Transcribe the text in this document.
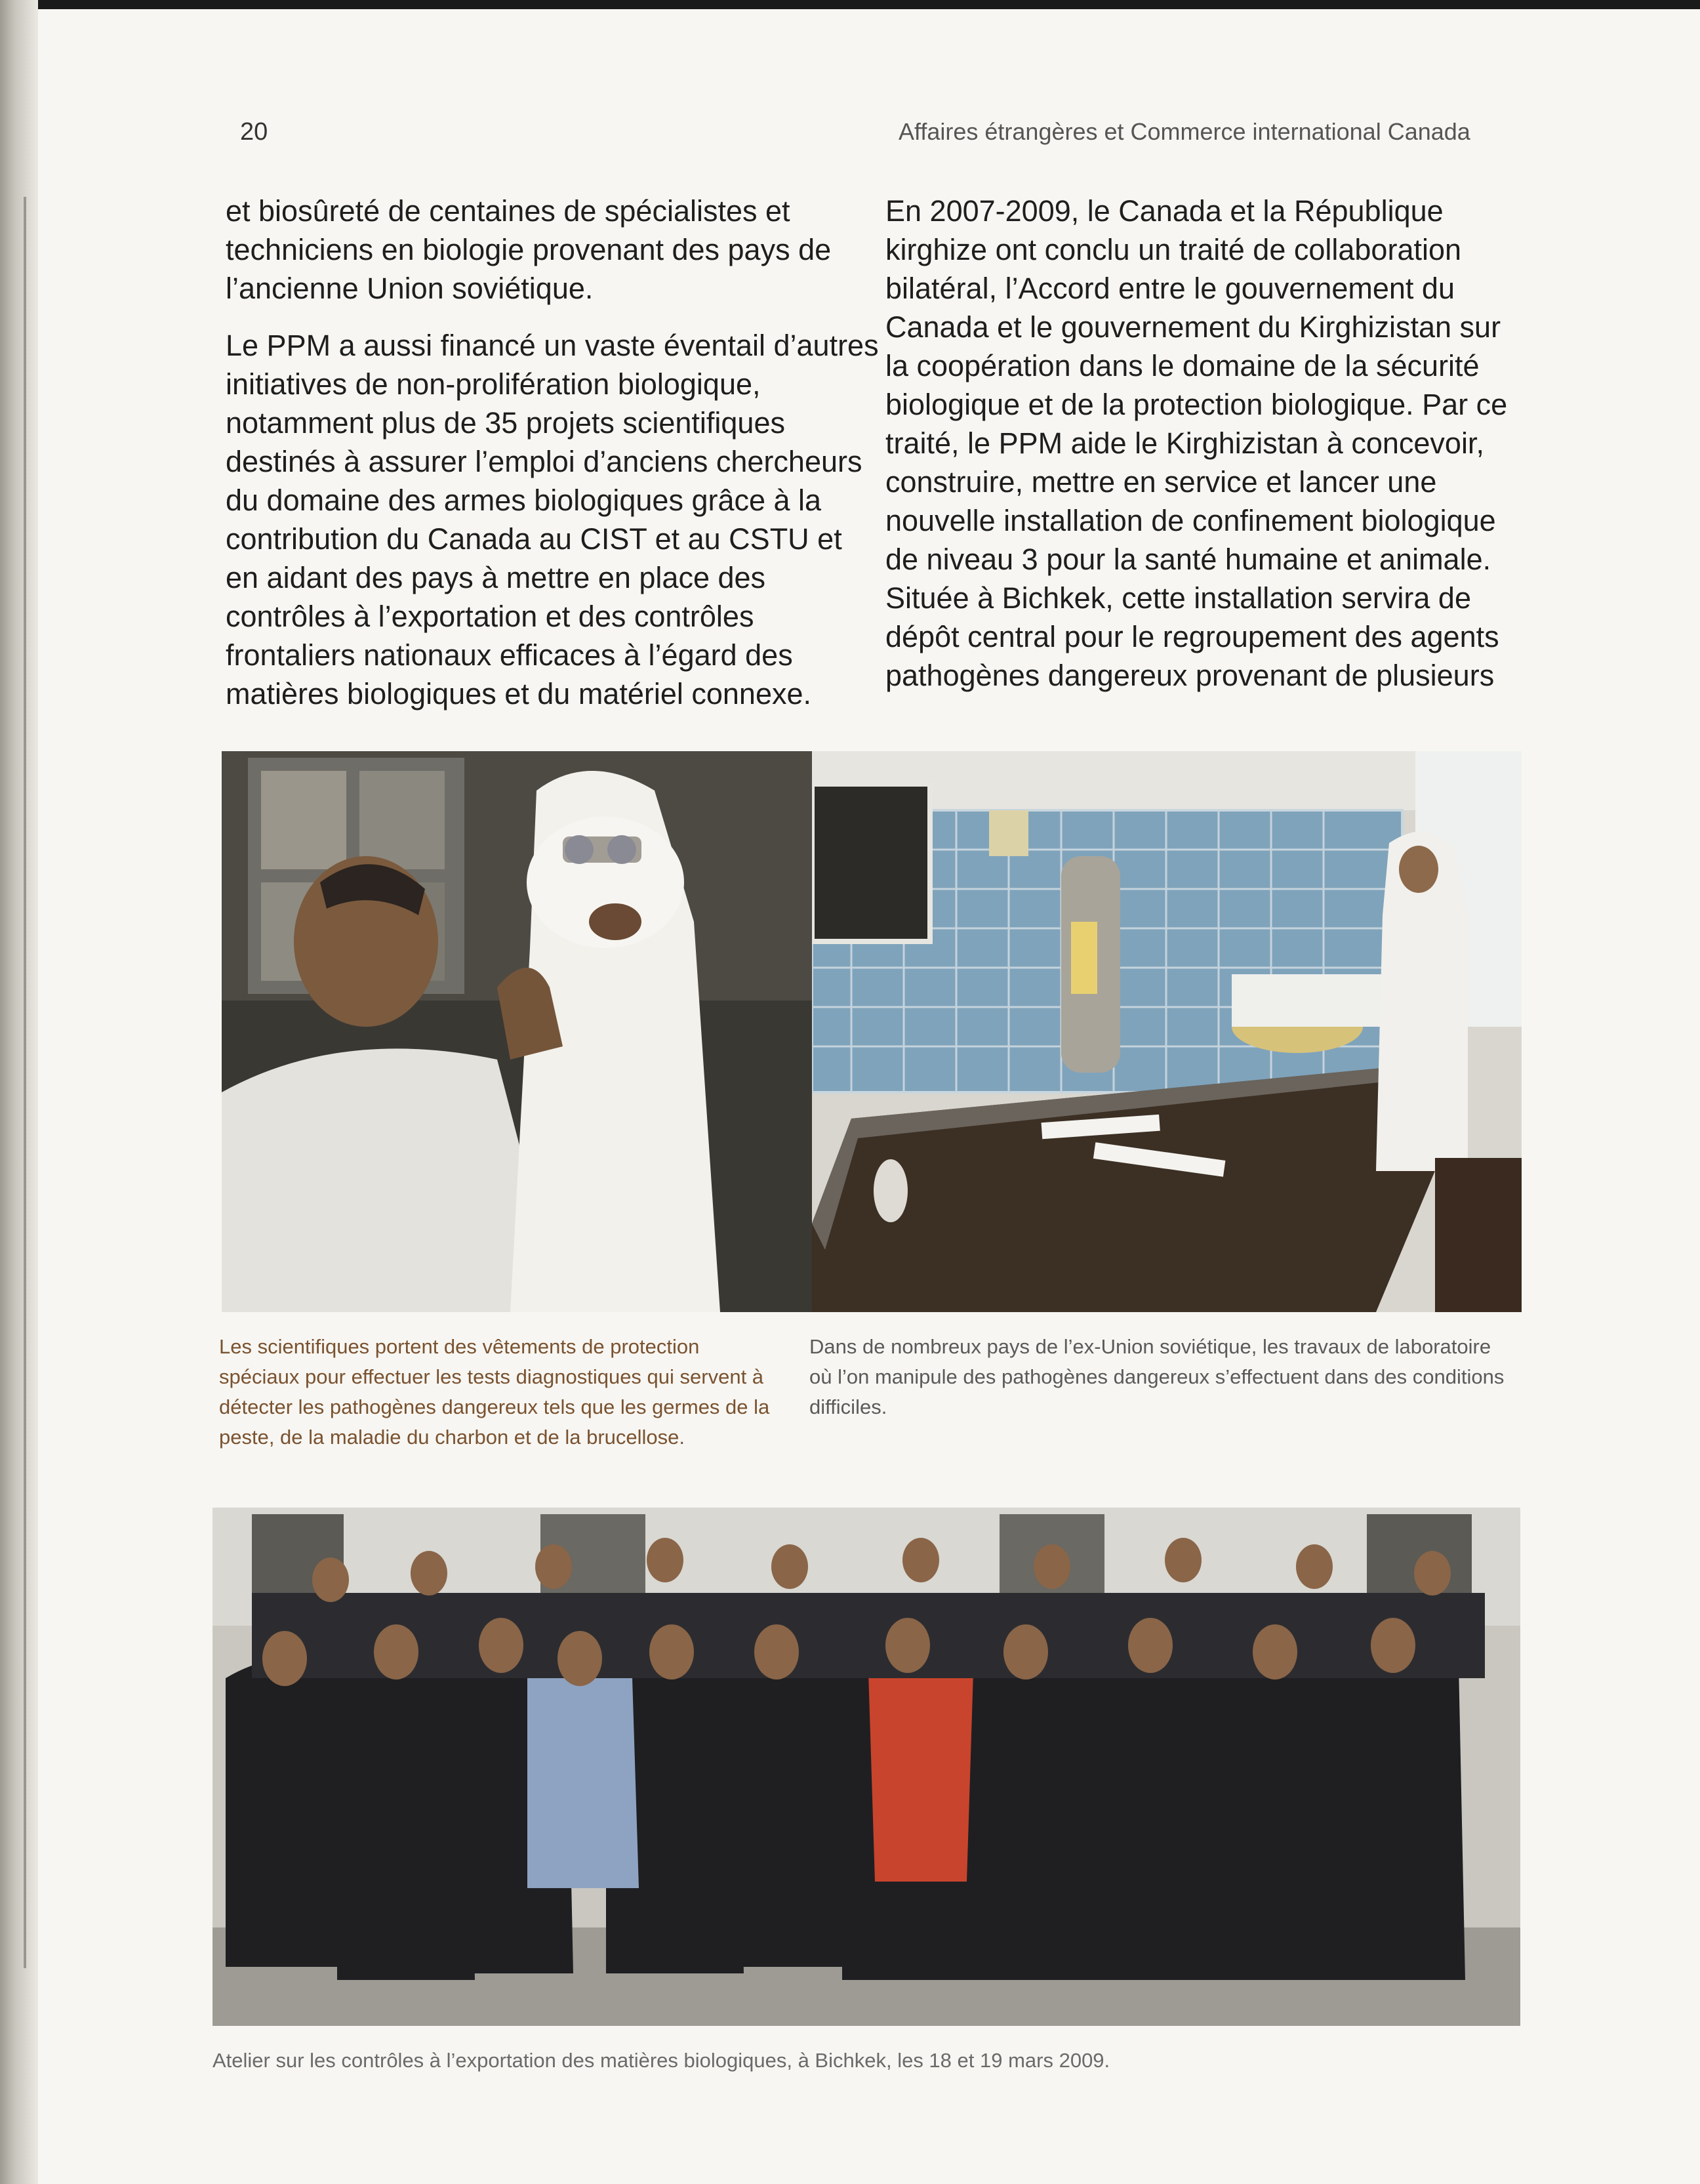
20	Affaires étrangères et Commerce international Canada

et biosûreté de centaines de spécialistes et techniciens en biologie provenant des pays de l’ancienne Union soviétique.

Le PPM a aussi financé un vaste éventail d’autres initiatives de non-prolifération biologique, notamment plus de 35 projets scientifiques destinés à assurer l’emploi d’anciens chercheurs du domaine des armes biologiques grâce à la contribution du Canada au CIST et au CSTU et en aidant des pays à mettre en place des contrôles à l’exportation et des contrôles frontaliers nationaux efficaces à l’égard des matières biologiques et du matériel connexe.

En 2007-2009, le Canada et la République kirghize ont conclu un traité de collaboration bilatéral, l’Accord entre le gouvernement du Canada et le gouvernement du Kirghizistan sur la coopération dans le domaine de la sécurité biologique et de la protection biologique. Par ce traité, le PPM aide le Kirghizistan à concevoir, construire, mettre en service et lancer une nouvelle installation de confinement biologique de niveau 3 pour la santé humaine et animale. Située à Bichkek, cette installation servira de dépôt central pour le regroupement des agents pathogènes dangereux provenant de plusieurs

Les scientifiques portent des vêtements de protection spéciaux pour effectuer les tests diagnostiques qui servent à détecter les pathogènes dangereux tels que les germes de la peste, de la maladie du charbon et de la brucellose.

Dans de nombreux pays de l’ex-Union soviétique, les travaux de laboratoire où l’on manipule des pathogènes dangereux s’effectuent dans des conditions difficiles.

Atelier sur les contrôles à l’exportation des matières biologiques, à Bichkek, les 18 et 19 mars 2009.
